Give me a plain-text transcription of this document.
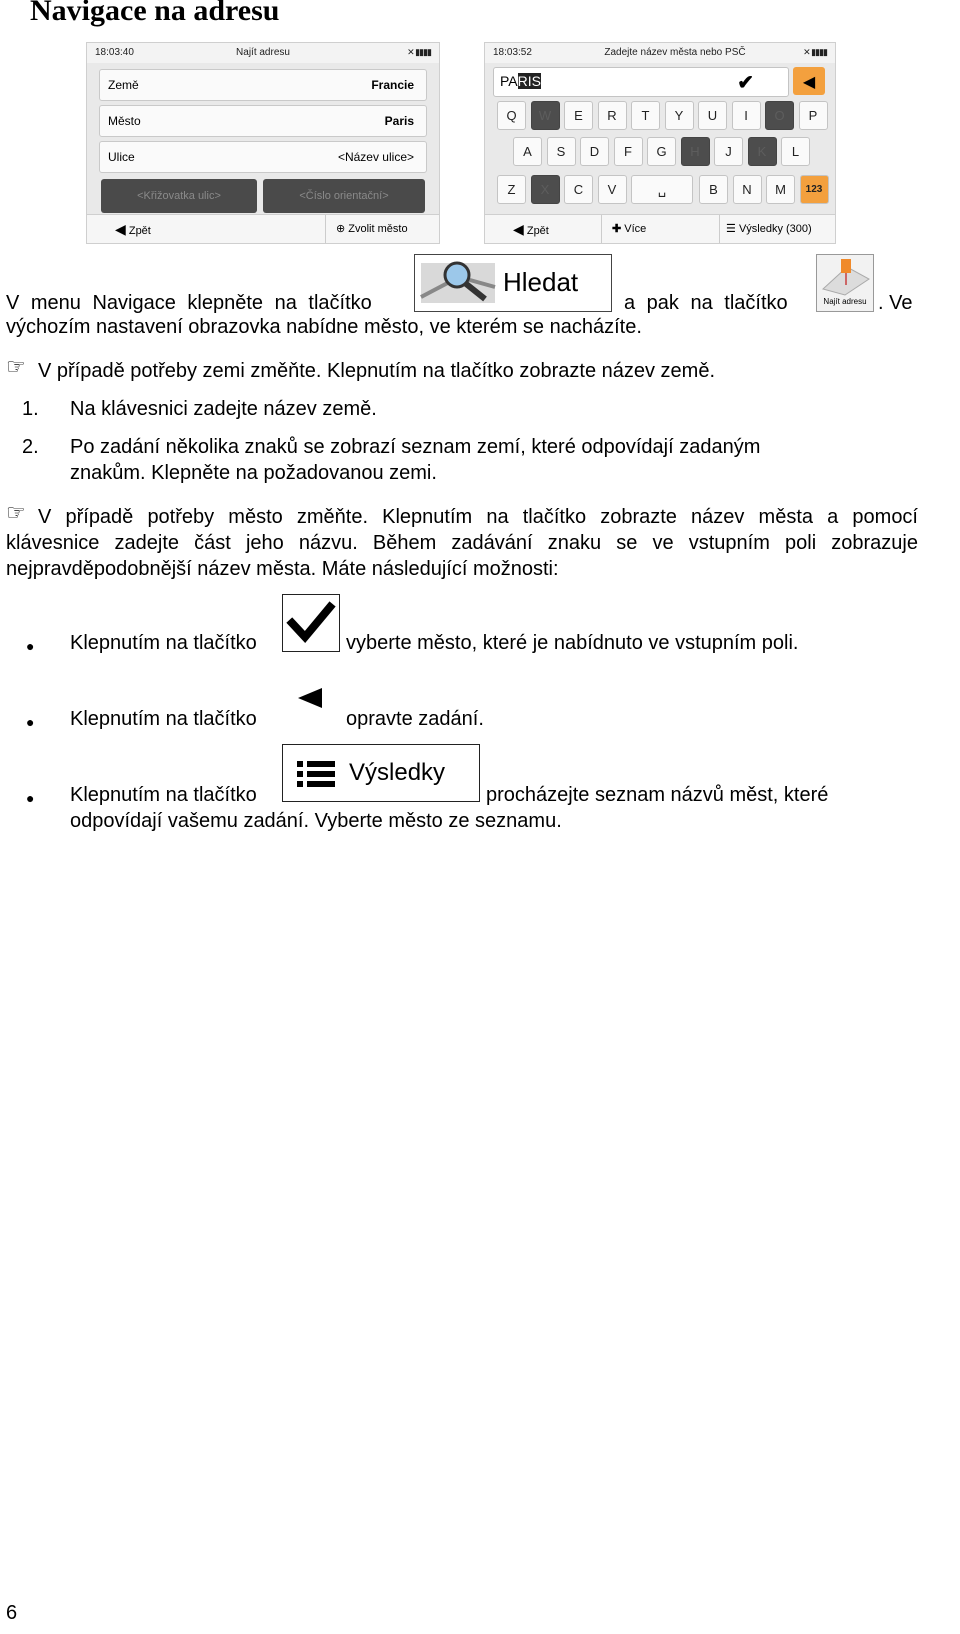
Navigace na adresu
18:03:40	Najít adresu	✕ ▮▮▮▮
Země	Francie
Město	Paris
Ulice	<Název ulice>
<Křižovatka ulic>	<Číslo orientační>
◀ Zpět	⊕ Zvolit město
18:03:52	Zadejte název města nebo PSČ	✕ ▮▮▮▮
PARIS	✔	◀
Q	W	E	R	T	Y	U	I	O	P
A	S	D	F	G	H	J	K	L
Z	X	C	V	␣	B	N	M	123
◀ Zpět	✚ Více	☰ Výsledky (300)
V menu Navigace klepněte na tlačítko
Hledat
a pak na tlačítko	Najít adresu . Ve
výchozím nastavení obrazovka nabídne město, ve kterém se nacházíte.
☞ V případě potřeby zemi změňte. Klepnutím na tlačítko zobrazte název země.
1. Na klávesnici zadejte název země.
2. Po zadání několika znaků se zobrazí seznam zemí, které odpovídají zadaným
znakům. Klepněte na požadovanou zemi.
☞ V případě potřeby město změňte. Klepnutím na tlačítko zobrazte název města a pomocí
klávesnice zadejte část jeho názvu. Během zadávání znaku se ve vstupním poli zobrazuje
nejpravděpodobnější název města. Máte následující možnosti:
● Klepnutím na tlačítko	vyberte město, které je nabídnuto ve vstupním poli.
● Klepnutím na tlačítko	opravte zadání.
● Klepnutím na tlačítko
Výsledky
procházejte seznam názvů měst, které
odpovídají vašemu zadání. Vyberte město ze seznamu.
6
